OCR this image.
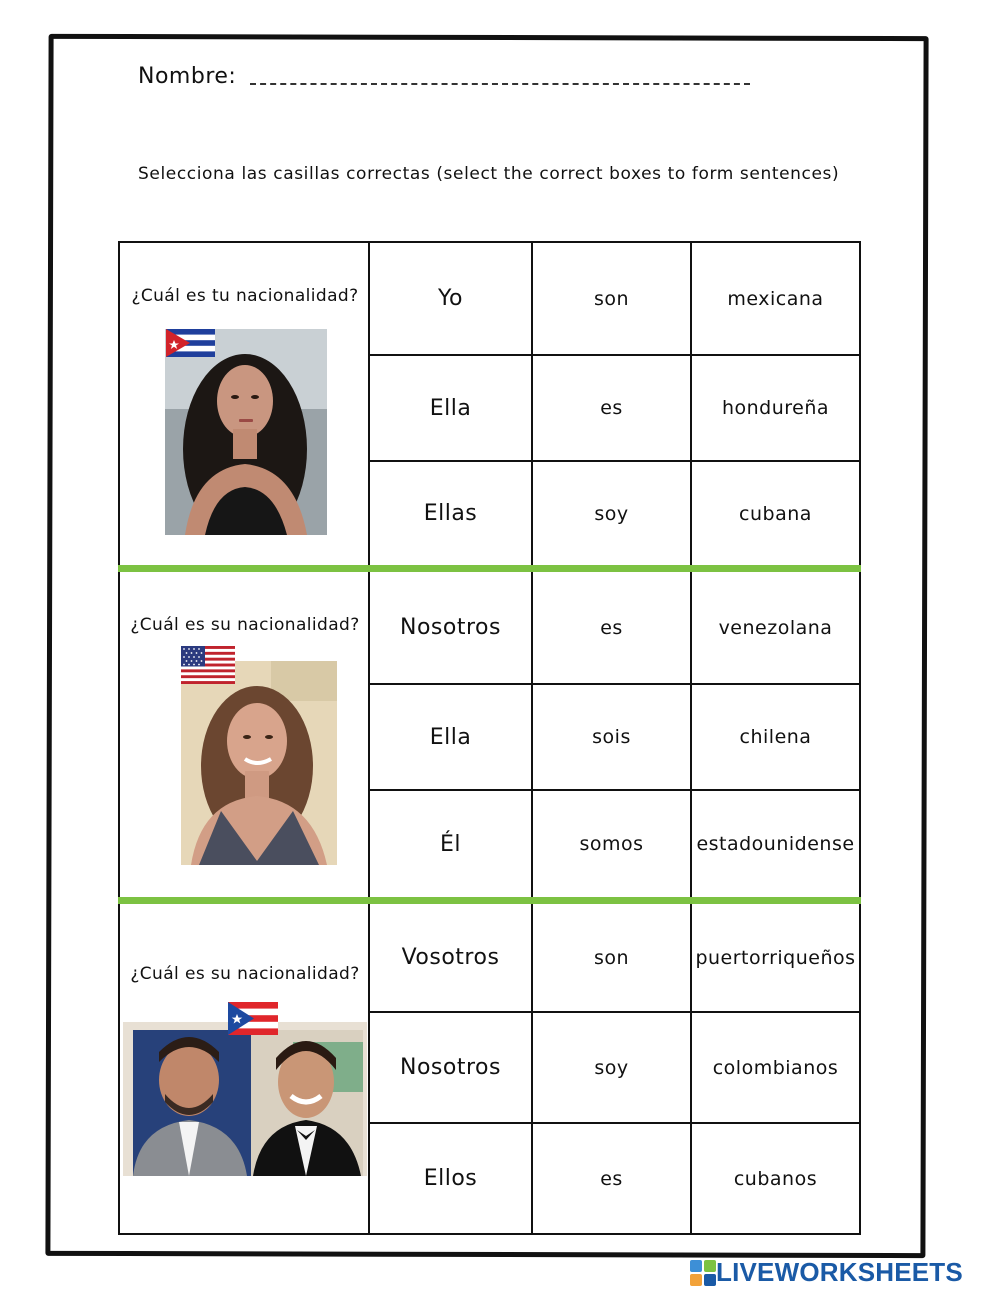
Nombre:
Selecciona las casillas correctas (select the correct boxes to form sentences)
¿Cuál es tu nacionalidad?	Yo	son	mexicana
Ella	es	hondureña
Ellas	soy	cubana
¿Cuál es su nacionalidad?	Nosotros	es	venezolana
Ella	sois	chilena
Él	somos	estadounidense
¿Cuál es su nacionalidad?
Vosotros	son	puertorriqueños
Nosotros	soy	colombianos
Ellos	es	cubanos
LIVEWORKSHEETS
